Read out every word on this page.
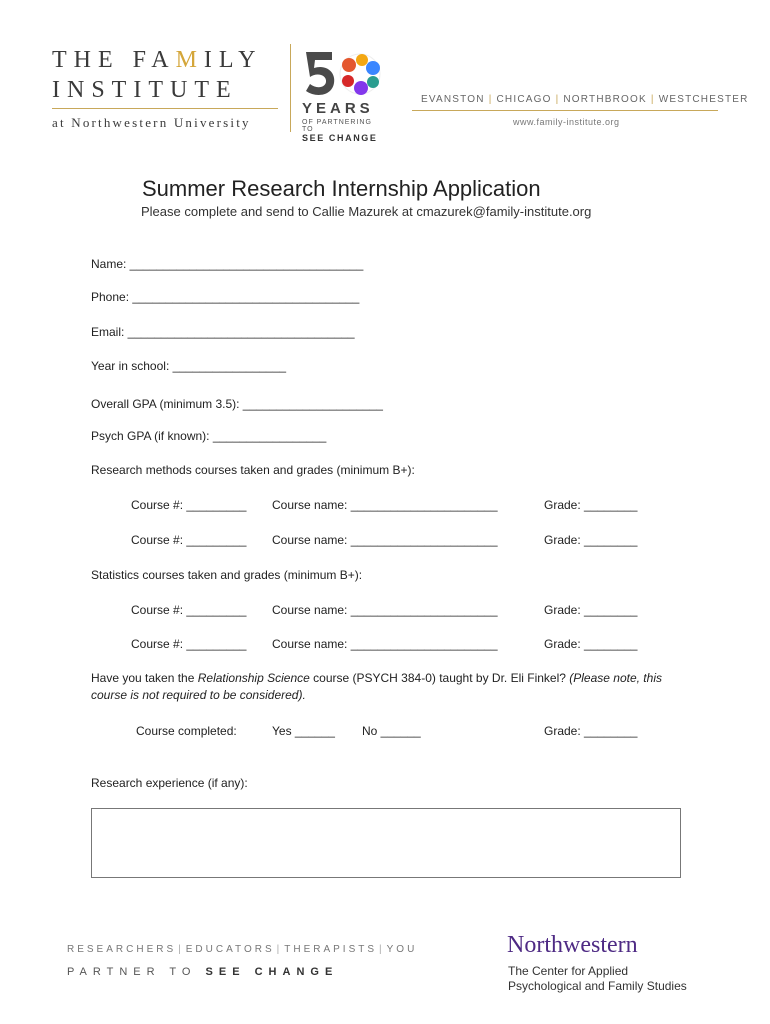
THE FAMILY
INSTITUTE
at Northwestern University
YEARS
OF PARTNERING TO
SEE CHANGE
EVANSTON | CHICAGO | NORTHBROOK | WESTCHESTER
www.family-institute.org
Summer Research Internship Application
Please complete and send to Callie Mazurek at cmazurek@family-institute.org
Name: ___________________________________
Phone: __________________________________
Email: __________________________________
Year in school: _________________
Overall GPA (minimum 3.5): _____________________
Psych GPA (if known): _________________
Research methods courses taken and grades (minimum B+):
Course #: _________ Course name: ______________________	Grade: ________
Course #: _________ Course name: ______________________	Grade: ________
Statistics courses taken and grades (minimum B+):
Course #: _________ Course name: ______________________	Grade: ________
Course #: _________ Course name: ______________________	Grade: ________
Have you taken the Relationship Science course (PSYCH 384-0) taught by Dr. Eli Finkel? (Please note, this
course is not required to be considered).
Course completed:	Yes ______ No ______	Grade: ________
Research experience (if any):
RESEARCHERS | EDUCATORS | THERAPISTS | YOU
PARTNER TO SEE CHANGE
Northwestern
The Center for Applied
Psychological and Family Studies
